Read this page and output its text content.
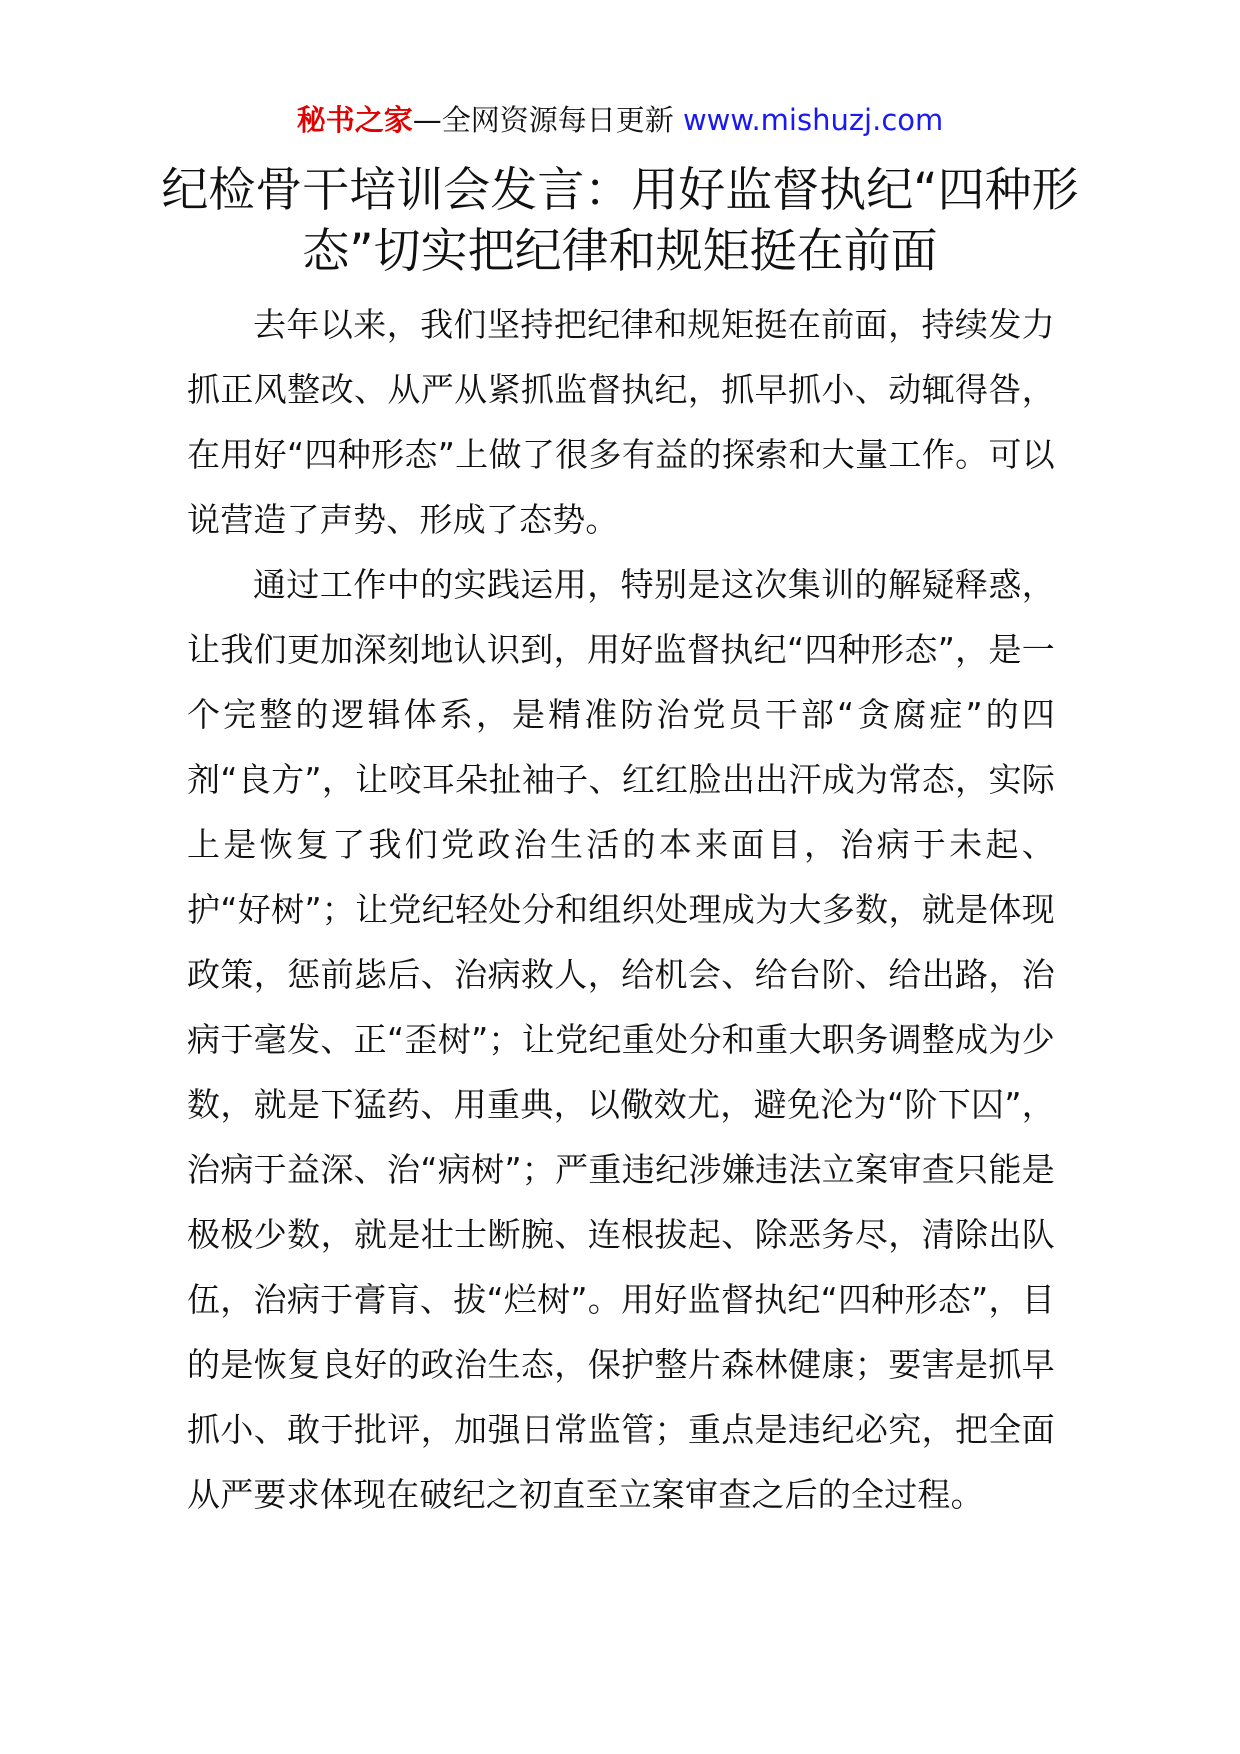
秘书之家—全网资源每日更新 www.mishuzj.com
纪检骨干培训会发言：用好监督执纪“四种形态”切实把纪律和规矩挺在前面

去年以来，我们坚持把纪律和规矩挺在前面，持续发力抓正风整改、从严从紧抓监督执纪，抓早抓小、动辄得咎，在用好“四种形态”上做了很多有益的探索和大量工作。可以说营造了声势、形成了态势。

通过工作中的实践运用，特别是这次集训的解疑释惑，让我们更加深刻地认识到，用好监督执纪“四种形态”，是一个完整的逻辑体系，是精准防治党员干部“贪腐症”的四剂“良方”，让咬耳朵扯袖子、红红脸出出汗成为常态，实际上是恢复了我们党政治生活的本来面目，治病于未起、护“好树”；让党纪轻处分和组织处理成为大多数，就是体现政策，惩前毖后、治病救人，给机会、给台阶、给出路，治病于毫发、正“歪树”；让党纪重处分和重大职务调整成为少数，就是下猛药、用重典，以儆效尤，避免沦为“阶下囚”，治病于益深、治“病树”；严重违纪涉嫌违法立案审查只能是极极少数，就是壮士断腕、连根拔起、除恶务尽，清除出队伍，治病于膏肓、拔“烂树”。用好监督执纪“四种形态”，目的是恢复良好的政治生态，保护整片森林健康；要害是抓早抓小、敢于批评，加强日常监管；重点是违纪必究，把全面从严要求体现在破纪之初直至立案审查之后的全过程。
